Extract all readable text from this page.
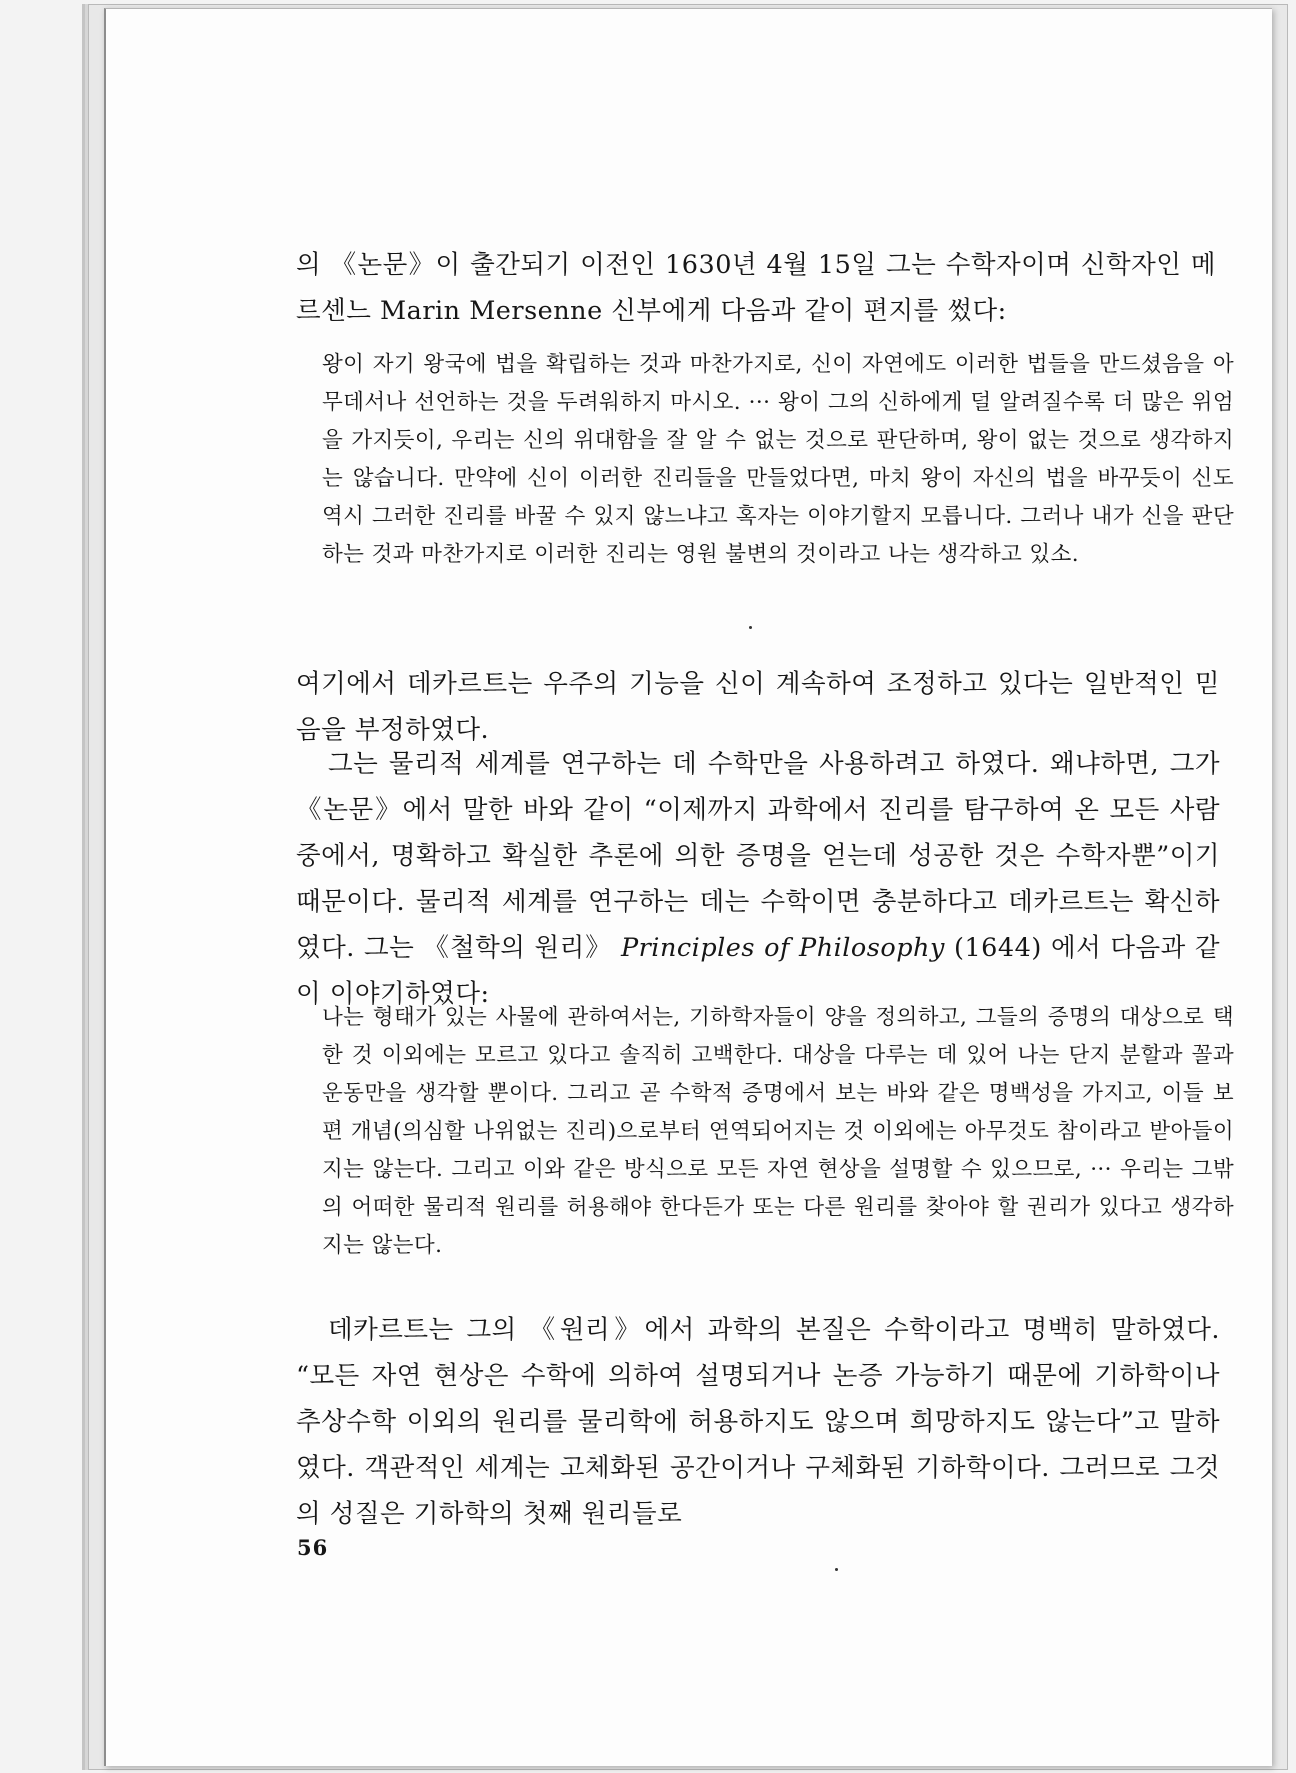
의 《논문》이 출간되기 이전인 1630년 4월 15일 그는 수학자이며 신학자인 메르센느 Marin Mersenne 신부에게 다음과 같이 편지를 썼다:

왕이 자기 왕국에 법을 확립하는 것과 마찬가지로, 신이 자연에도 이러한 법들을 만드셨음을 아무데서나 선언하는 것을 두려워하지 마시오. ··· 왕이 그의 신하에게 덜 알려질수록 더 많은 위엄을 가지듯이, 우리는 신의 위대함을 잘 알 수 없는 것으로 판단하며, 왕이 없는 것으로 생각하지는 않습니다. 만약에 신이 이러한 진리들을 만들었다면, 마치 왕이 자신의 법을 바꾸듯이 신도 역시 그러한 진리를 바꿀 수 있지 않느냐고 혹자는 이야기할지 모릅니다. 그러나 내가 신을 판단하는 것과 마찬가지로 이러한 진리는 영원 불변의 것이라고 나는 생각하고 있소.

여기에서 데카르트는 우주의 기능을 신이 계속하여 조정하고 있다는 일반적인 믿음을 부정하였다.

그는 물리적 세계를 연구하는 데 수학만을 사용하려고 하였다. 왜냐하면, 그가 《논문》에서 말한 바와 같이 “이제까지 과학에서 진리를 탐구하여 온 모든 사람 중에서, 명확하고 확실한 추론에 의한 증명을 얻는데 성공한 것은 수학자뿐”이기 때문이다. 물리적 세계를 연구하는 데는 수학이면 충분하다고 데카르트는 확신하였다. 그는 《철학의 원리》 Principles of Philosophy (1644) 에서 다음과 같이 이야기하였다:

나는 형태가 있는 사물에 관하여서는, 기하학자들이 양을 정의하고, 그들의 증명의 대상으로 택한 것 이외에는 모르고 있다고 솔직히 고백한다. 대상을 다루는 데 있어 나는 단지 분할과 꼴과 운동만을 생각할 뿐이다. 그리고 곧 수학적 증명에서 보는 바와 같은 명백성을 가지고, 이들 보편 개념(의심할 나위없는 진리)으로부터 연역되어지는 것 이외에는 아무것도 참이라고 받아들이지는 않는다. 그리고 이와 같은 방식으로 모든 자연 현상을 설명할 수 있으므로, ··· 우리는 그밖의 어떠한 물리적 원리를 허용해야 한다든가 또는 다른 원리를 찾아야 할 권리가 있다고 생각하지는 않는다.

데카르트는 그의 《원리》에서 과학의 본질은 수학이라고 명백히 말하였다. “모든 자연 현상은 수학에 의하여 설명되거나 논증 가능하기 때문에 기하학이나 추상수학 이외의 원리를 물리학에 허용하지도 않으며 희망하지도 않는다”고 말하였다. 객관적인 세계는 고체화된 공간이거나 구체화된 기하학이다. 그러므로 그것의 성질은 기하학의 첫째 원리들로

56
